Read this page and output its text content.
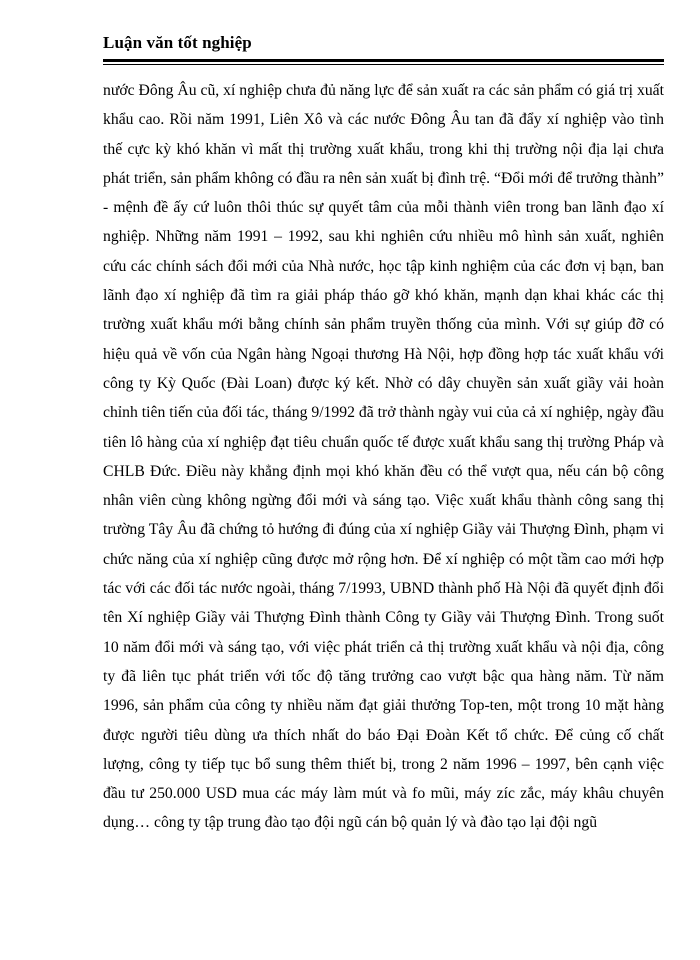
Luận văn tốt nghiệp

nước Đông Âu cũ, xí nghiệp chưa đủ năng lực để sản xuất ra các sản phẩm có giá trị xuất khẩu cao. Rồi năm 1991, Liên Xô và các nước Đông Âu tan đã đẩy xí nghiệp vào tình thế cực kỳ khó khăn vì mất thị trường xuất khẩu, trong khi thị trường nội địa lại chưa phát triển, sản phẩm không có đầu ra nên sản xuất bị đình trệ. “Đổi mới để trưởng thành” - mệnh đề ấy cứ luôn thôi thúc sự quyết tâm của mỗi thành viên trong ban lãnh đạo xí nghiệp. Những năm 1991 – 1992, sau khi nghiên cứu nhiều mô hình sản xuất, nghiên cứu các chính sách đổi mới của Nhà nước, học tập kinh nghiệm của các đơn vị bạn, ban lãnh đạo xí nghiệp đã tìm ra giải pháp tháo gỡ khó khăn, mạnh dạn khai khác các thị trường xuất khẩu mới bằng chính sản phẩm truyền thống của mình. Với sự giúp đỡ có hiệu quả về vốn của Ngân hàng Ngoại thương Hà Nội, hợp đồng hợp tác xuất khẩu với công ty Kỳ Quốc (Đài Loan) được ký kết. Nhờ có dây chuyền sản xuất giầy vải hoàn chỉnh tiên tiến của đối tác, tháng 9/1992 đã trở thành ngày vui của cả xí nghiệp, ngày đầu tiên lô hàng của xí nghiệp đạt tiêu chuẩn quốc tế được xuất khẩu sang thị trường Pháp và CHLB Đức. Điều này khẳng định mọi khó khăn đều có thể vượt qua, nếu cán bộ công nhân viên cùng không ngừng đổi mới và sáng tạo. Việc xuất khẩu thành công sang thị trường Tây Âu đã chứng tỏ hướng đi đúng của xí nghiệp Giầy vải Thượng Đình, phạm vi chức năng của xí nghiệp cũng được mở rộng hơn. Để xí nghiệp có một tầm cao mới hợp tác với các đối tác nước ngoài, tháng 7/1993, UBND thành phố Hà Nội đã quyết định đổi tên Xí nghiệp Giầy vải Thượng Đình thành Công ty Giầy vải Thượng Đình. Trong suốt 10 năm đổi mới và sáng tạo, với việc phát triển cả thị trường xuất khẩu và nội địa, công ty đã liên tục phát triển với tốc độ tăng trưởng cao vượt bậc qua hàng năm. Từ năm 1996, sản phẩm của công ty nhiều năm đạt giải thưởng Top-ten, một trong 10 mặt hàng được người tiêu dùng ưa thích nhất do báo Đại Đoàn Kết tổ chức. Để củng cố chất lượng, công ty tiếp tục bổ sung thêm thiết bị, trong 2 năm 1996 – 1997, bên cạnh việc đầu tư 250.000 USD mua các máy làm mút và fo mũi, máy zíc zắc, máy khâu chuyên dụng… công ty tập trung đào tạo đội ngũ cán bộ quản lý và đào tạo lại đội ngũ
